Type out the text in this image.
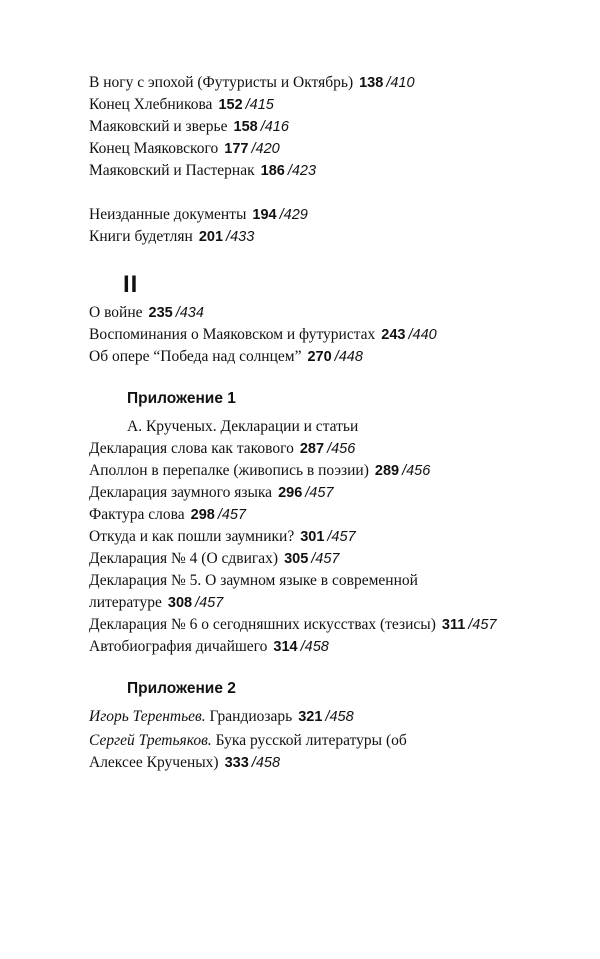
В ногу с эпохой (Футуристы и Октябрь) 138 /410
Конец Хлебникова 152 /415
Маяковский и зверье 158 /416
Конец Маяковского 177 /420
Маяковский и Пастернак 186 /423
Неизданные документы 194 /429
Книги будетлян 201 /433
II
О войне 235 /434
Воспоминания о Маяковском и футуристах 243 /440
Об опере “Победа над солнцем” 270 /448
Приложение 1
А. Крученых. Декларации и статьи
Декларация слова как такового 287 /456
Аполлон в перепалке (живопись в поэзии) 289 /456
Декларация заумного языка 296 /457
Фактура слова 298 /457
Откуда и как пошли заумники? 301 /457
Декларация № 4 (О сдвигах) 305 /457
Декларация № 5. О заумном языке в современной литературе 308 /457
Декларация № 6 о сегодняшних искусствах (тезисы) 311 /457
Автобиография дичайшего 314 /458
Приложение 2
Игорь Терентьев. Грандиозарь 321 /458
Сергей Третьяков. Бука русской литературы (об Алексее Крученых) 333 /458
